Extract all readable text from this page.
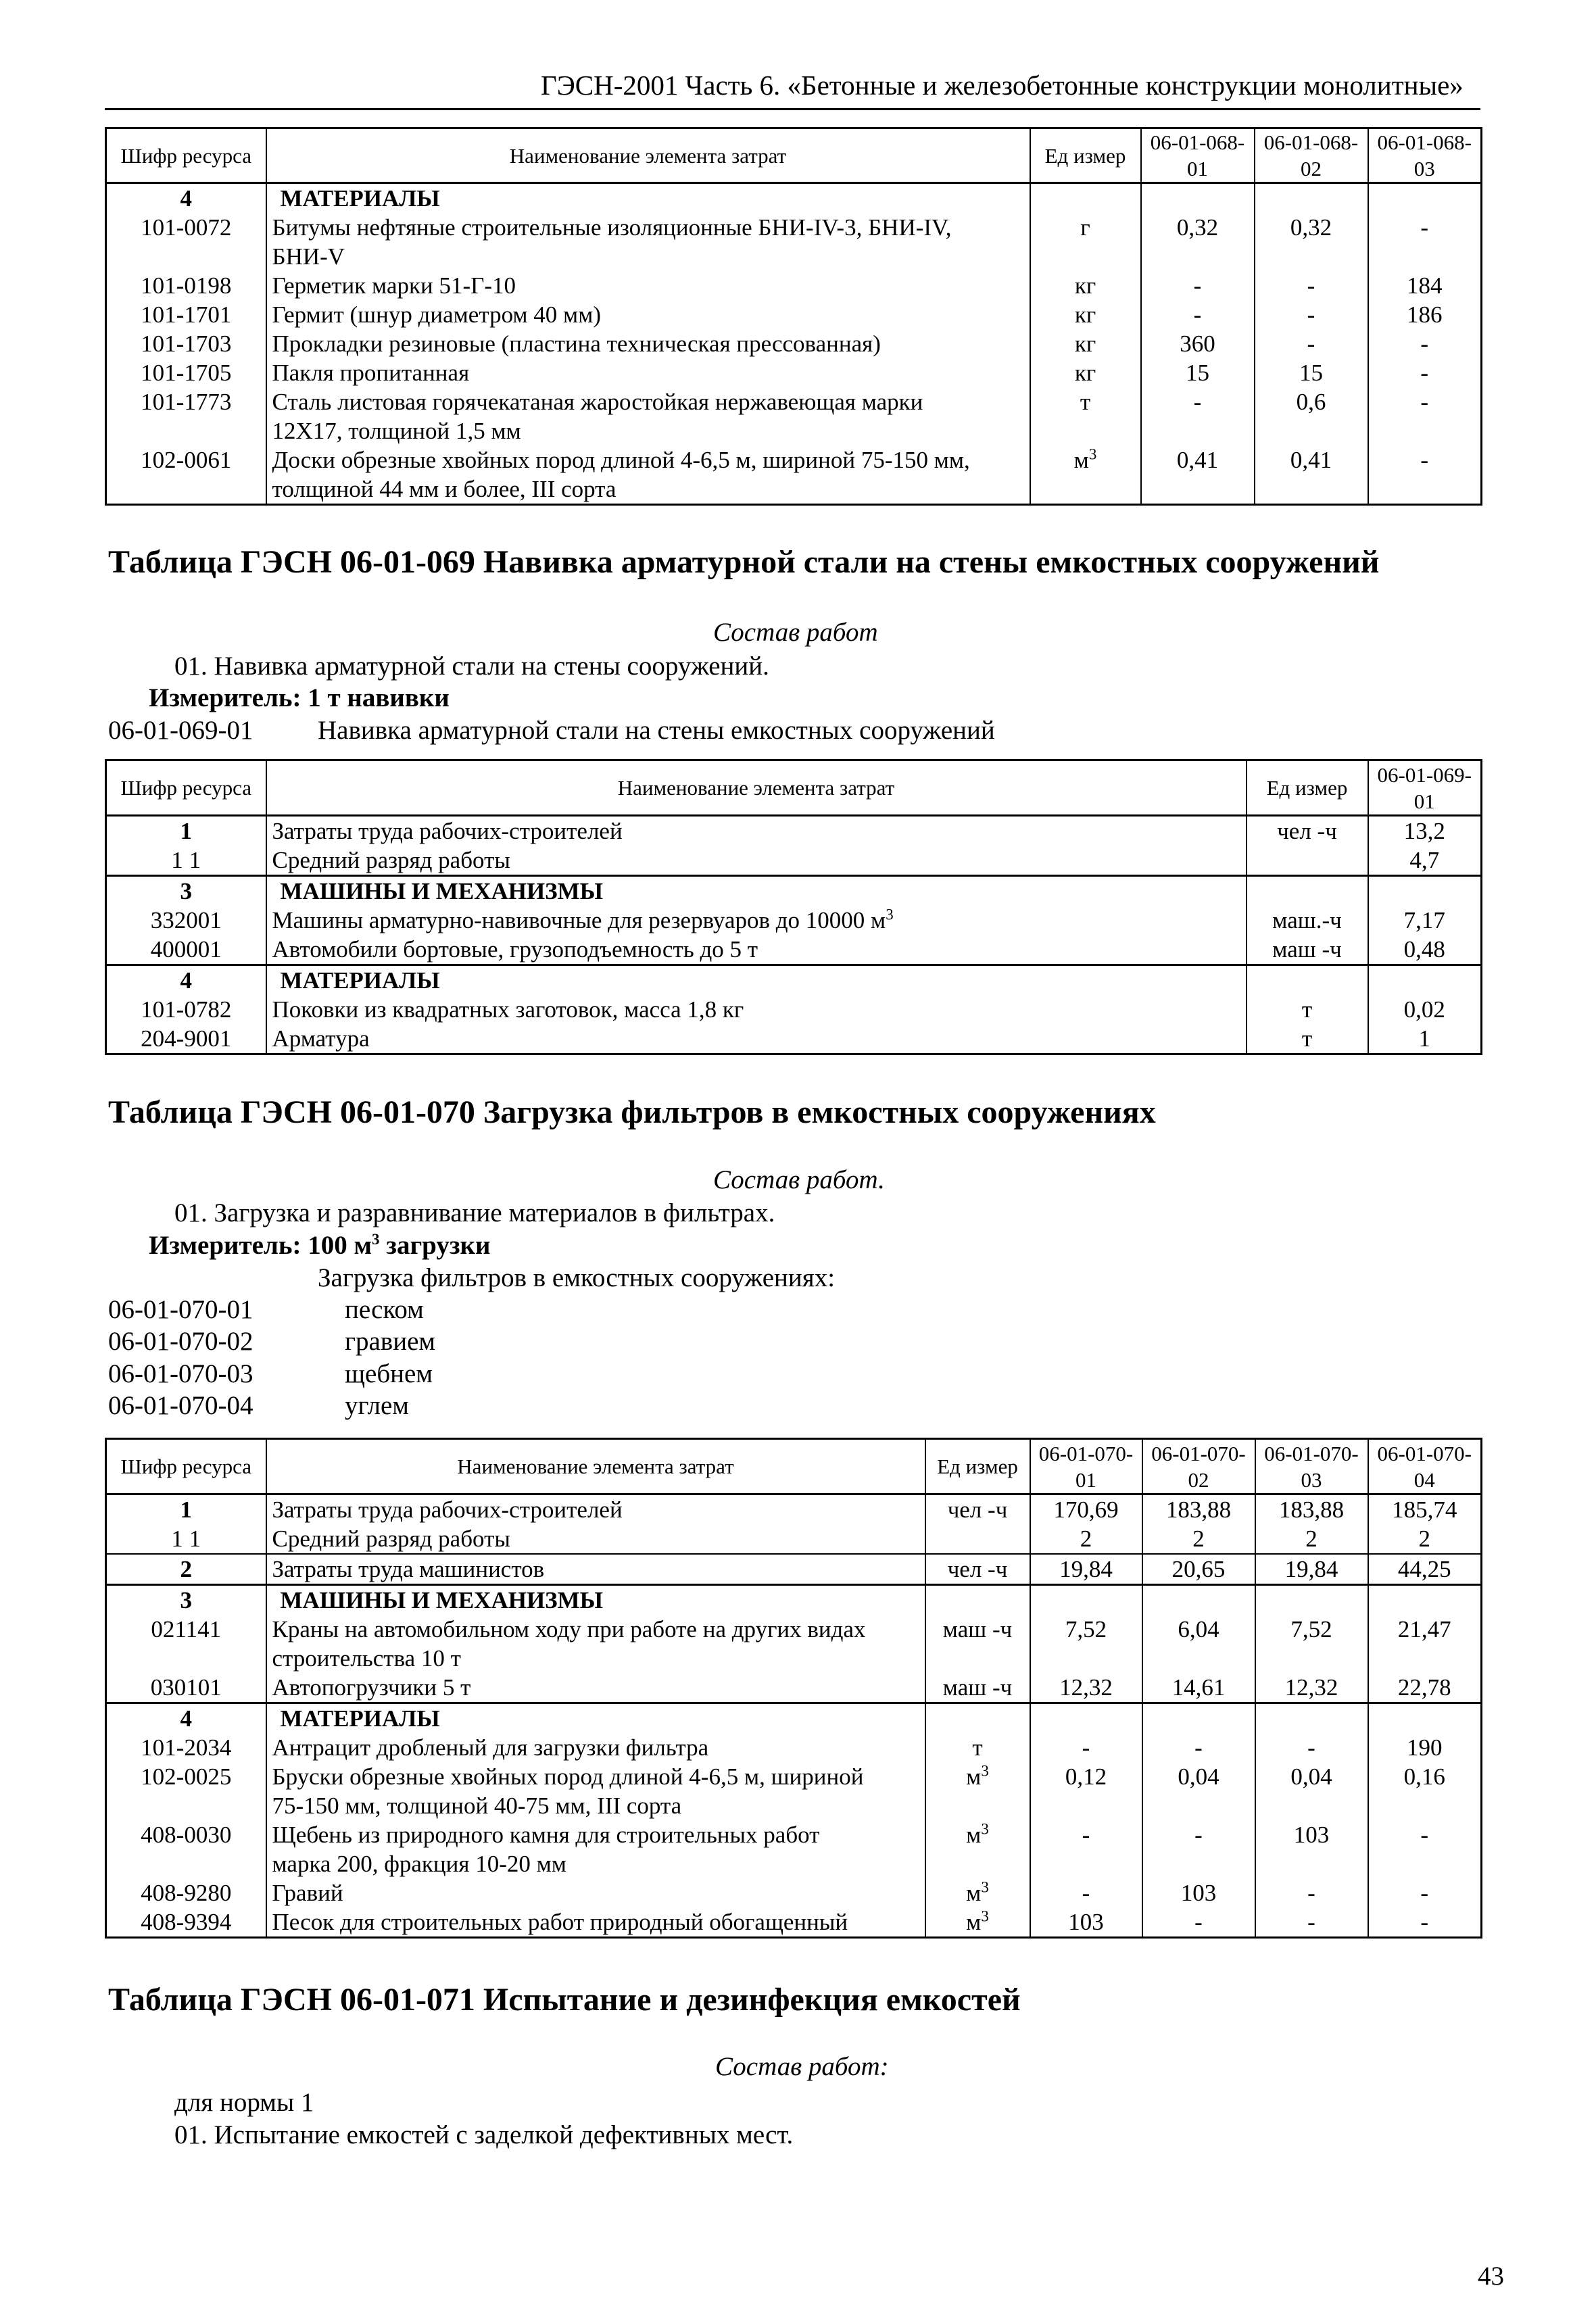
ГЭСН-2001 Часть 6. «Бетонные и железобетонные конструкции монолитные»
Шифр ресурса	Наименование элемента затрат	Ед измер	06-01-068-01	06-01-068-02	06-01-068-03
4	МАТЕРИАЛЫ				
101-0072	Битумы нефтяные строительные изоляционные БНИ-IV-3, БНИ-IV,
БНИ-V	г	0,32	0,32	-
101-0198	Герметик марки 51-Г-10	кг	-	-	184
101-1701	Гермит (шнур диаметром 40 мм)	кг	-	-	186
101-1703	Прокладки резиновые (пластина техническая прессованная)	кг	360	-	-
101-1705	Пакля пропитанная	кг	15	15	-
101-1773	Сталь листовая горячекатаная жаростойкая нержавеющая марки
12Х17, толщиной 1,5 мм	т	-	0,6	-
102-0061	Доски обрезные хвойных пород длиной 4-6,5 м, шириной 75-150 мм,
толщиной 44 мм и более, III сорта	$м^3$	0,41	0,41	-
Таблица ГЭСН 06-01-069 Навивка арматурной стали на стены емкостных сооружений
Состав работ
01. Навивка арматурной стали на стены сооружений.
Измеритель: 1 т навивки
06-01-069-01 Навивка арматурной стали на стены емкостных сооружений
Шифр ресурса	Наименование элемента затрат	Ед измер	06-01-069-01
1	Затраты труда рабочих-строителей	чел -ч	13,2
1 1	Средний разряд работы		4,7
3	МАШИНЫ И МЕХАНИЗМЫ		
332001	Машины арматурно-навивочные для резервуаров до 10000 $м^3$	маш.-ч	7,17
400001	Автомобили бортовые, грузоподъемность до 5 т	маш -ч	0,48
4	МАТЕРИАЛЫ		
101-0782	Поковки из квадратных заготовок, масса 1,8 кг	т	0,02
204-9001	Арматура	т	1
Таблица ГЭСН 06-01-070 Загрузка фильтров в емкостных сооружениях
Состав работ.
01. Загрузка и разравнивание материалов в фильтрах.
Измеритель: 100 $м^3$ загрузки
Загрузка фильтров в емкостных сооружениях:
06-01-070-01	песком
06-01-070-02	гравием
06-01-070-03	щебнем
06-01-070-04	углем
Шифр ресурса	Наименование элемента затрат	Ед измер	06-01-070-01	06-01-070-02	06-01-070-03	06-01-070-04
1	Затраты труда рабочих-строителей	чел -ч	170,69	183,88	183,88	185,74
1 1	Средний разряд работы		2	2	2	2
2	Затраты труда машинистов	чел -ч	19,84	20,65	19,84	44,25
3	МАШИНЫ И МЕХАНИЗМЫ					
021141	Краны на автомобильном ходу при работе на других видах
строительства 10 т	маш -ч	7,52	6,04	7,52	21,47
030101	Автопогрузчики 5 т	маш -ч	12,32	14,61	12,32	22,78
4	МАТЕРИАЛЫ					
101-2034	Антрацит дробленый для загрузки фильтра	т	-	-	-	190
102-0025	Бруски обрезные хвойных пород длиной 4-6,5 м, шириной
75-150 мм, толщиной 40-75 мм, III сорта	$м^3$	0,12	0,04	0,04	0,16
408-0030	Щебень из природного камня для строительных работ
марка 200, фракция 10-20 мм	$м^3$	-	-	103	-
408-9280	Гравий	$м^3$	-	103	-	-
408-9394	Песок для строительных работ природный обогащенный	$м^3$	103	-	-	-
Таблица ГЭСН 06-01-071 Испытание и дезинфекция емкостей
Состав работ:
для нормы 1
01. Испытание емкостей с заделкой дефективных мест.
43
